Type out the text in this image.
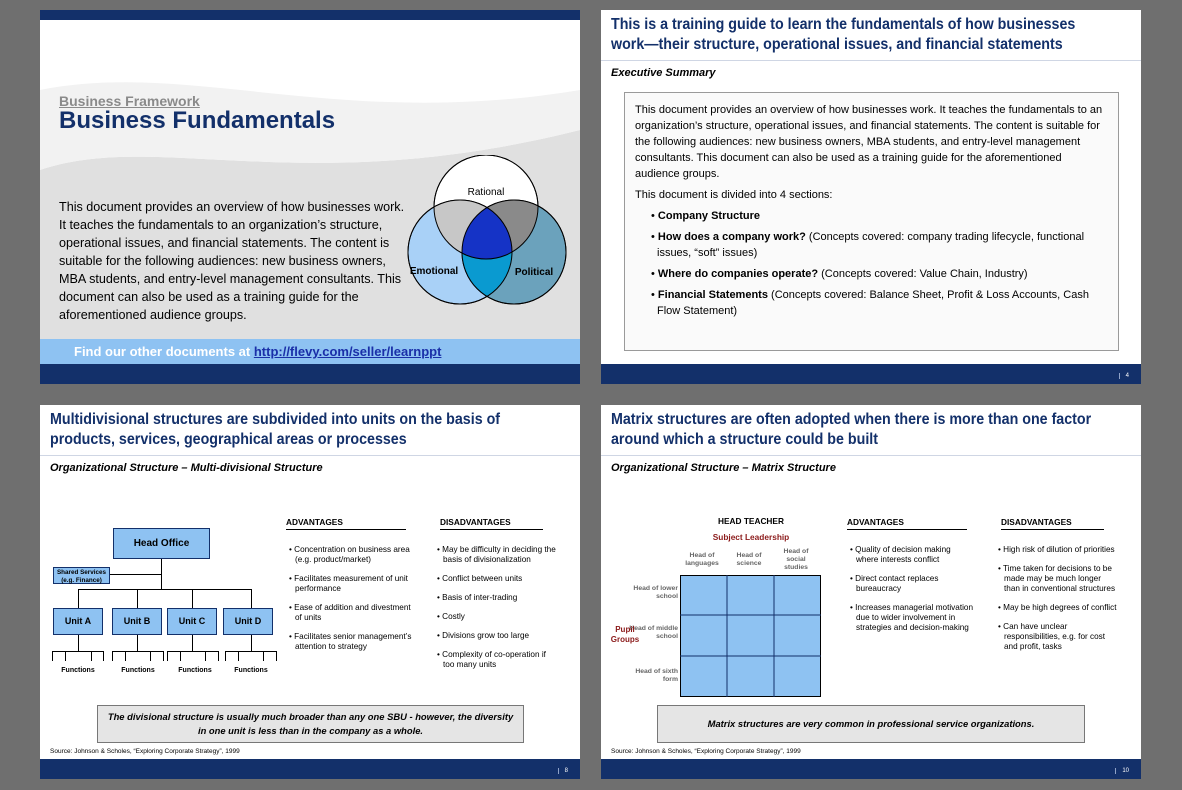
Business Framework
Business Fundamentals
This document provides an overview of how businesses work. It teaches the fundamentals to an organization’s structure, operational issues, and financial statements. The content is suitable for the following audiences: new business owners, MBA students, and entry-level management consultants. This document can also be used as a training guide for the aforementioned audience groups.
Rational
Emotional	Political
Find our other documents at http://flevy.com/seller/learnppt
This is a training guide to learn the fundamentals of how businesses work—their structure, operational issues, and financial statements
Executive Summary

This document provides an overview of how businesses work. It teaches the fundamentals to an organization’s structure, operational issues, and financial statements. The content is suitable for the following audiences: new business owners, MBA students, and entry-level management consultants. This document can also be used as a training guide for the aforementioned audience groups.

This document is divided into 4 sections:

• Company Structure
• How does a company work? (Concepts covered: company trading lifecycle, functional issues, “soft” issues)
• Where do companies operate? (Concepts covered: Value Chain, Industry)
• Financial Statements (Concepts covered: Balance Sheet, Profit & Loss Accounts, Cash Flow Statement)
4
Multidivisional structures are subdivided into units on the basis of products, services, geographical areas or processes
Organizational Structure – Multi-divisional Structure
Head Office
Shared Services (e.g. Finance)
Unit A	Unit B	Unit C	Unit D
Functions	Functions	Functions	Functions
ADVANTAGES
• Concentration on business area (e.g. product/market)
• Facilitates measurement of unit performance
• Ease of addition and divestment of units
• Facilitates senior management’s attention to strategy
DISADVANTAGES
• May be difficulty in deciding the basis of divisionalization
• Conflict between units
• Basis of inter-trading
• Costly
• Divisions grow too large
• Complexity of co-operation if too many units
The divisional structure is usually much broader than any one SBU - however, the diversity in one unit is less than in the company as a whole.
Source: Johnson & Scholes, “Exploring Corporate Strategy”, 1999
8
Matrix structures are often adopted when there is more than one factor around which a structure could be built
Organizational Structure – Matrix Structure
HEAD TEACHER
Subject Leadership
Head of languages
Head of science
Head of social studies
Head of lower school
Head of middle school
Head of sixth form
Pupil Groups
ADVANTAGES
• Quality of decision making where interests conflict
• Direct contact replaces bureaucracy
• Increases managerial motivation due to wider involvement in strategies and decision-making
DISADVANTAGES
• High risk of dilution of priorities
• Time taken for decisions to be made may be much longer than in conventional structures
• May be high degrees of conflict
• Can have unclear responsibilities, e.g. for cost and profit, tasks
Matrix structures are very common in professional service organizations.
Source: Johnson & Scholes, “Exploring Corporate Strategy”, 1999
10
